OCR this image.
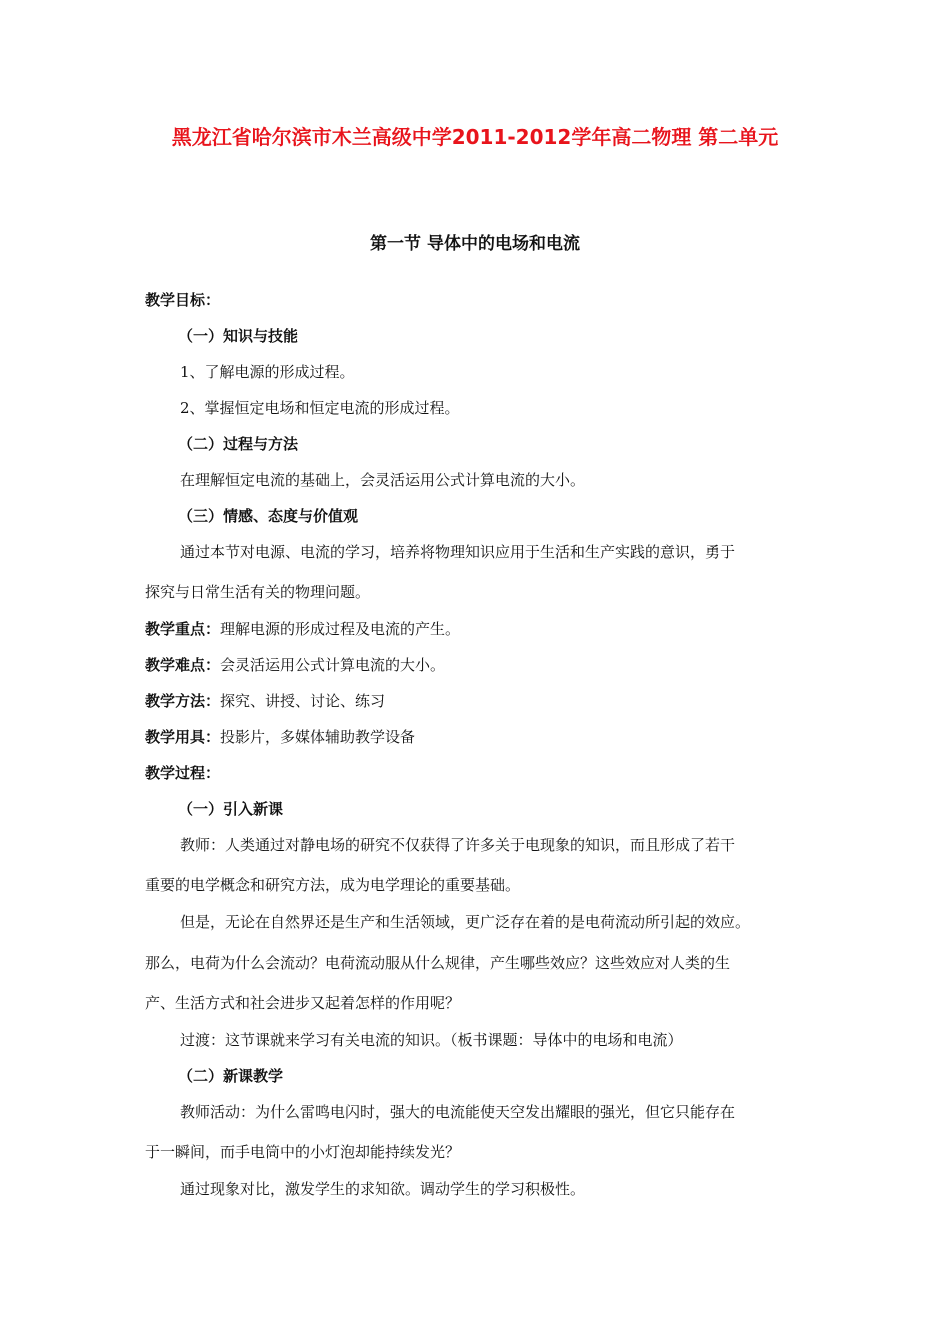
黑龙江省哈尔滨市木兰高级中学2011-2012学年高二物理 第二单元
第一节 导体中的电场和电流
教学目标：
（一）知识与技能
1、了解电源的形成过程。
2、掌握恒定电场和恒定电流的形成过程。
（二）过程与方法
在理解恒定电流的基础上，会灵活运用公式计算电流的大小。
（三）情感、态度与价值观
通过本节对电源、电流的学习，培养将物理知识应用于生活和生产实践的意识，勇于
探究与日常生活有关的物理问题。
教学重点：理解电源的形成过程及电流的产生。
教学难点：会灵活运用公式计算电流的大小。
教学方法：探究、讲授、讨论、练习
教学用具：投影片，多媒体辅助教学设备
教学过程：
（一）引入新课
教师：人类通过对静电场的研究不仅获得了许多关于电现象的知识，而且形成了若干
重要的电学概念和研究方法，成为电学理论的重要基础。
但是，无论在自然界还是生产和生活领域，更广泛存在着的是电荷流动所引起的效应。
那么，电荷为什么会流动？电荷流动服从什么规律，产生哪些效应？这些效应对人类的生
产、生活方式和社会进步又起着怎样的作用呢？
过渡：这节课就来学习有关电流的知识。（板书课题：导体中的电场和电流）
（二）新课教学
教师活动：为什么雷鸣电闪时，强大的电流能使天空发出耀眼的强光，但它只能存在
于一瞬间，而手电筒中的小灯泡却能持续发光？
通过现象对比，激发学生的求知欲。调动学生的学习积极性。
